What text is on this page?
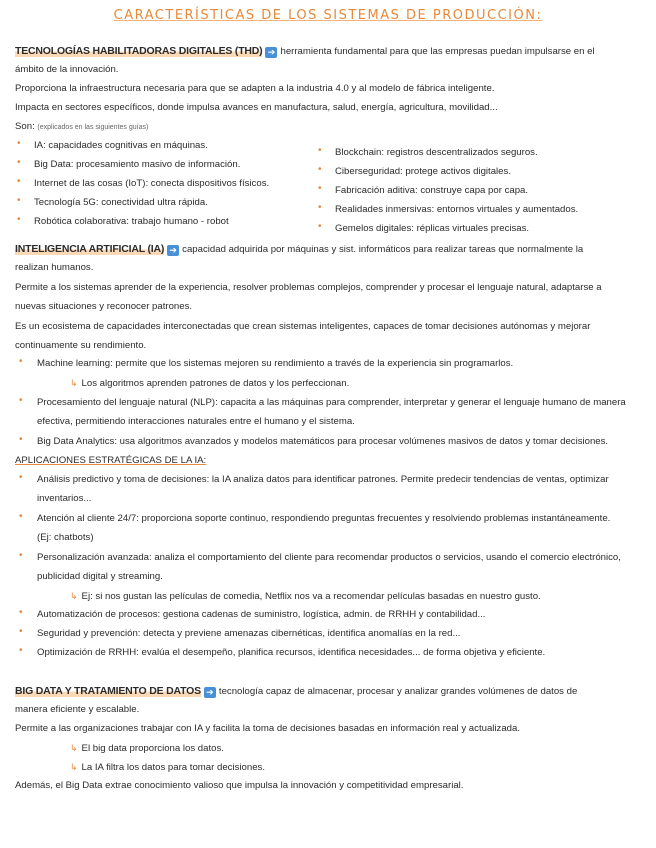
CARACTERÍSTICAS DE LOS SISTEMAS DE PRODUCCIÓN:
TECNOLOGÍAS HABILITADORAS DIGITALES (THD) ➔ herramienta fundamental para que las empresas puedan impulsarse en el
ámbito de la innovación.
Proporciona la infraestructura necesaria para que se adapten a la industria 4.0 y al modelo de fábrica inteligente.
Impacta en sectores específicos, donde impulsa avances en manufactura, salud, energía, agricultura, movilidad...
Son: (explicados en las siguientes guías)
• IA: capacidades cognitivas en máquinas.
• Big Data: procesamiento masivo de información.
• Internet de las cosas (IoT): conecta dispositivos físicos.
• Tecnología 5G: conectividad ultra rápida.
• Robótica colaborativa: trabajo humano - robot
• Blockchain: registros descentralizados seguros.
• Ciberseguridad: protege activos digitales.
• Fabricación aditiva: construye capa por capa.
• Realidades inmersivas: entornos virtuales y aumentados.
• Gemelos digitales: réplicas virtuales precisas.
INTELIGENCIA ARTIFICIAL (IA) ➔ capacidad adquirida por máquinas y sist. informáticos para realizar tareas que normalmente la
realizan humanos.
Permite a los sistemas aprender de la experiencia, resolver problemas complejos, comprender y procesar el lenguaje natural, adaptarse a
nuevas situaciones y reconocer patrones.
Es un ecosistema de capacidades interconectadas que crean sistemas inteligentes, capaces de tomar decisiones autónomas y mejorar
continuamente su rendimiento.
• Machine learning: permite que los sistemas mejoren su rendimiento a través de la experiencia sin programarlos.
↳ Los algoritmos aprenden patrones de datos y los perfeccionan.
• Procesamiento del lenguaje natural (NLP): capacita a las máquinas para comprender, interpretar y generar el lenguaje humano de manera
efectiva, permitiendo interacciones naturales entre el humano y el sistema.
• Big Data Analytics: usa algoritmos avanzados y modelos matemáticos para procesar volúmenes masivos de datos y tomar decisiones.
APLICACIONES ESTRATÉGICAS DE LA IA:
• Análisis predictivo y toma de decisiones: la IA analiza datos para identificar patrones. Permite predecir tendencias de ventas, optimizar
inventarios...
• Atención al cliente 24/7: proporciona soporte continuo, respondiendo preguntas frecuentes y resolviendo problemas instantáneamente.
(Ej: chatbots)
• Personalización avanzada: analiza el comportamiento del cliente para recomendar productos o servicios, usando el comercio electrónico,
publicidad digital y streaming.
↳ Ej: si nos gustan las películas de comedia, Netflix nos va a recomendar películas basadas en nuestro gusto.
• Automatización de procesos: gestiona cadenas de suministro, logística, admin. de RRHH y contabilidad...
• Seguridad y prevención: detecta y previene amenazas cibernéticas, identifica anomalías en la red...
• Optimización de RRHH: evalúa el desempeño, planifica recursos, identifica necesidades... de forma objetiva y eficiente.
BIG DATA Y TRATAMIENTO DE DATOS ➔ tecnología capaz de almacenar, procesar y analizar grandes volúmenes de datos de
manera eficiente y escalable.
Permite a las organizaciones trabajar con IA y facilita la toma de decisiones basadas en información real y actualizada.
↳ El big data proporciona los datos.
↳ La IA filtra los datos para tomar decisiones.
Además, el Big Data extrae conocimiento valioso que impulsa la innovación y competitividad empresarial.
